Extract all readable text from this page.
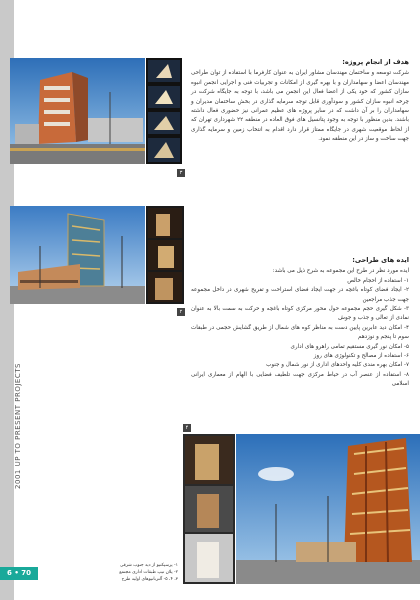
2001 UP TO PRESENT PROJECTS
6 • 70
۳
۲
هدف از انجام پروژه:

شرکت توسعه و ساختمان مهندسان مشاور ایران به عنوان کارفرما با استفاده از توان طراحی مهندسان اعضا و سهامداران و با بهره گیری از امکانات و تجربیات فنی و اجرایی انجمن انبوه سازان کشور که خود یکی از اعضا فعال این انجمن می باشد، با توجه به جایگاه شرکت در چرخه انبوه سازان کشور و سودآوری قابل توجه سرمایه گذاری در بخش ساختمان مدیران و سهامداران را بر آن داشت که در سایر پروژه های عظیم عمرانی نیز حضوری فعال داشته باشند. بدین منظور با توجه به وجود پتانسیل های فوق العاده در منطقه ۲۲ شهرداری تهران که از لحاظ موقعیت شهری در جایگاه ممتاز قرار دارد اقدام به انتخاب زمین و سرمایه گذاری جهت ساخت و ساز در این منطقه نمود.

ایده های طراحی:

ایده مورد نظر در طرح این مجموعه به شرح ذیل می باشد:

۱- استفاده از احجام خالص

۲- ایجاد فضای کوتاه باغچه در جهت ایجاد فضای استراحت و تفریح شهری در داخل مجموعه جهت جذب مراجعین

۳- شکل گیری حجم مجموعه حول محور مرکزی کوتاه باغچه و حرکت به سمت بالا به عنوان نمادی از تعالی و جذب و جوش

۴- امکان دید عابرین پایین دست به مناظر کوه های شمال از طریق گشایش حجمی در طبقات سوم تا پنجم و نوزدهم

۵- امکان نور گیری مستقیم تمامی راهرو های اداری

۶- استفاده از مصالح و تکنولوژی های روز

۷- امکان بهره مندی کلیه واحدهای اداری از نور شمال و جنوب

۸- استفاده از عنصر آب در حیاط مرکزی جهت تلطیف فضایی با الهام از معماری ایرانی اسلامی

۴

۱- پرسپکتیو از دید جنوب شرقی

۲- پلان تیپ طبقات اداری مجتمع

۳، ۴، ۵- آلترناتیوهای اولیه طرح
